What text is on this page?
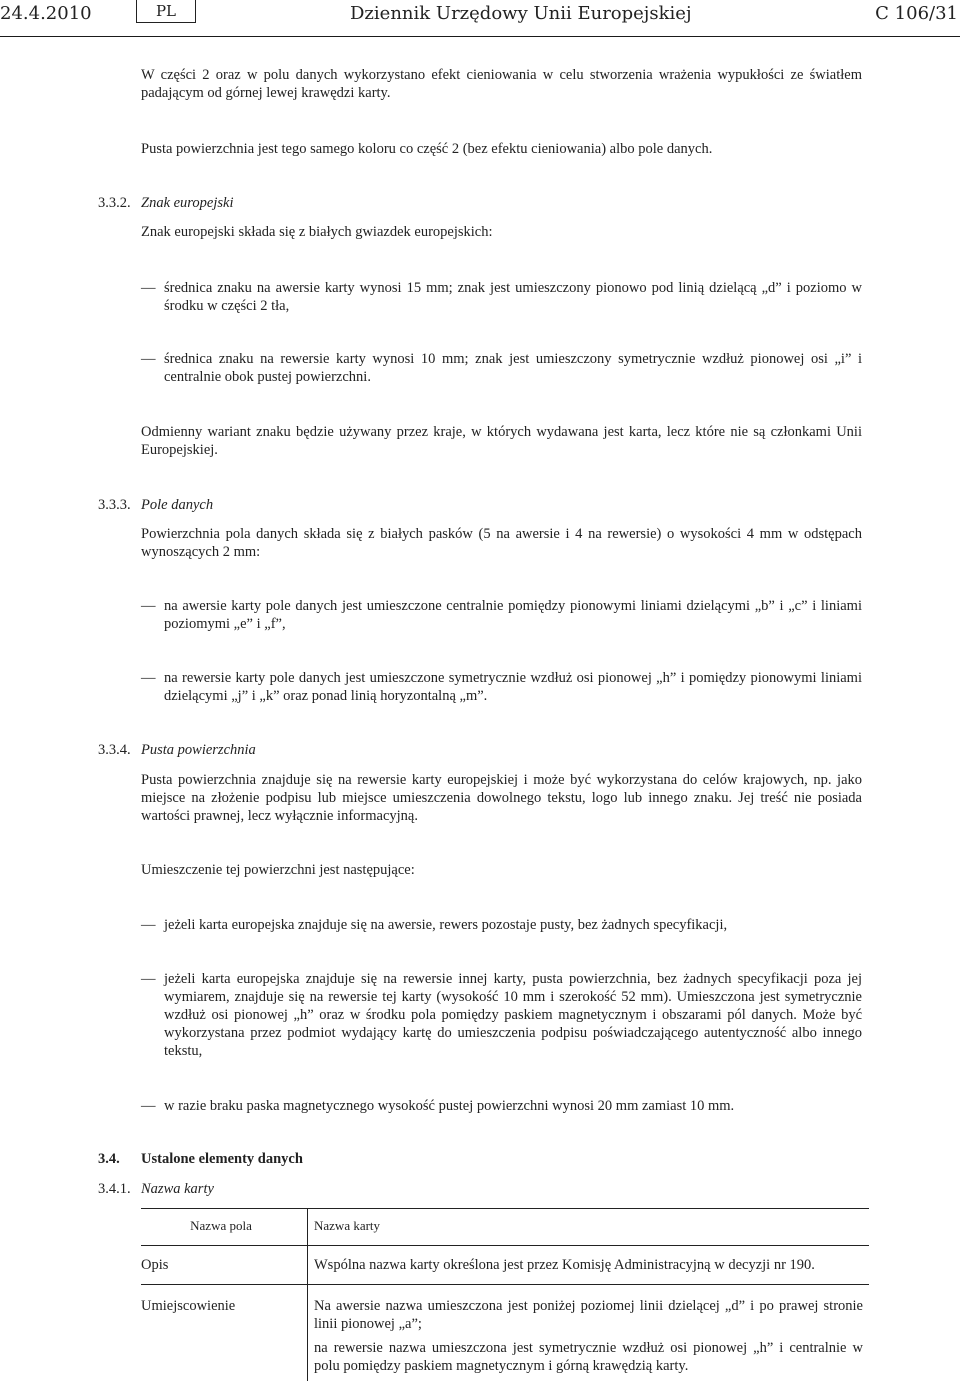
24.4.2010	PL	Dziennik Urzędowy Unii Europejskiej	C 106/31
W części 2 oraz w polu danych wykorzystano efekt cieniowania w celu stworzenia wrażenia wypukłości ze światłem padającym od górnej lewej krawędzi karty.
Pusta powierzchnia jest tego samego koloru co część 2 (bez efektu cieniowania) albo pole danych.
3.3.2. Znak europejski
Znak europejski składa się z białych gwiazdek europejskich:
— średnica znaku na awersie karty wynosi 15 mm; znak jest umieszczony pionowo pod linią dzielącą „d” i poziomo w środku w części 2 tła,
— średnica znaku na rewersie karty wynosi 10 mm; znak jest umieszczony symetrycznie wzdłuż pionowej osi „i” i centralnie obok pustej powierzchni.
Odmienny wariant znaku będzie używany przez kraje, w których wydawana jest karta, lecz które nie są członkami Unii Europejskiej.
3.3.3. Pole danych
Powierzchnia pola danych składa się z białych pasków (5 na awersie i 4 na rewersie) o wysokości 4 mm w odstępach wynoszących 2 mm:
— na awersie karty pole danych jest umieszczone centralnie pomiędzy pionowymi liniami dzielącymi „b” i „c” i liniami poziomymi „e” i „f”,
— na rewersie karty pole danych jest umieszczone symetrycznie wzdłuż osi pionowej „h” i pomiędzy pionowymi liniami dzielącymi „j” i „k” oraz ponad linią horyzontalną „m”.
3.3.4. Pusta powierzchnia
Pusta powierzchnia znajduje się na rewersie karty europejskiej i może być wykorzystana do celów krajowych, np. jako miejsce na złożenie podpisu lub miejsce umieszczenia dowolnego tekstu, logo lub innego znaku. Jej treść nie posiada wartości prawnej, lecz wyłącznie informacyjną.
Umieszczenie tej powierzchni jest następujące:
— jeżeli karta europejska znajduje się na awersie, rewers pozostaje pusty, bez żadnych specyfikacji,
— jeżeli karta europejska znajduje się na rewersie innej karty, pusta powierzchnia, bez żadnych specyfikacji poza jej wymiarem, znajduje się na rewersie tej karty (wysokość 10 mm i szerokość 52 mm). Umieszczona jest symetrycznie wzdłuż osi pionowej „h” oraz w środku pola pomiędzy paskiem magnetycznym i obszarami pól danych. Może być wykorzystana przez podmiot wydający kartę do umieszczenia podpisu poświadczającego autentyczność albo innego tekstu,
— w razie braku paska magnetycznego wysokość pustej powierzchni wynosi 20 mm zamiast 10 mm.
3.4. Ustalone elementy danych
3.4.1. Nazwa karty
Nazwa pola	Nazwa karty
Opis	Wspólna nazwa karty określona jest przez Komisję Administracyjną w decyzji nr 190.
Umiejscowienie	Na awersie nazwa umieszczona jest poniżej poziomej linii dzielącej „d” i po prawej stronie linii pionowej „a”;
na rewersie nazwa umieszczona jest symetrycznie wzdłuż osi pionowej „h” i centralnie w polu pomiędzy paskiem magnetycznym i górną krawędzią karty.
